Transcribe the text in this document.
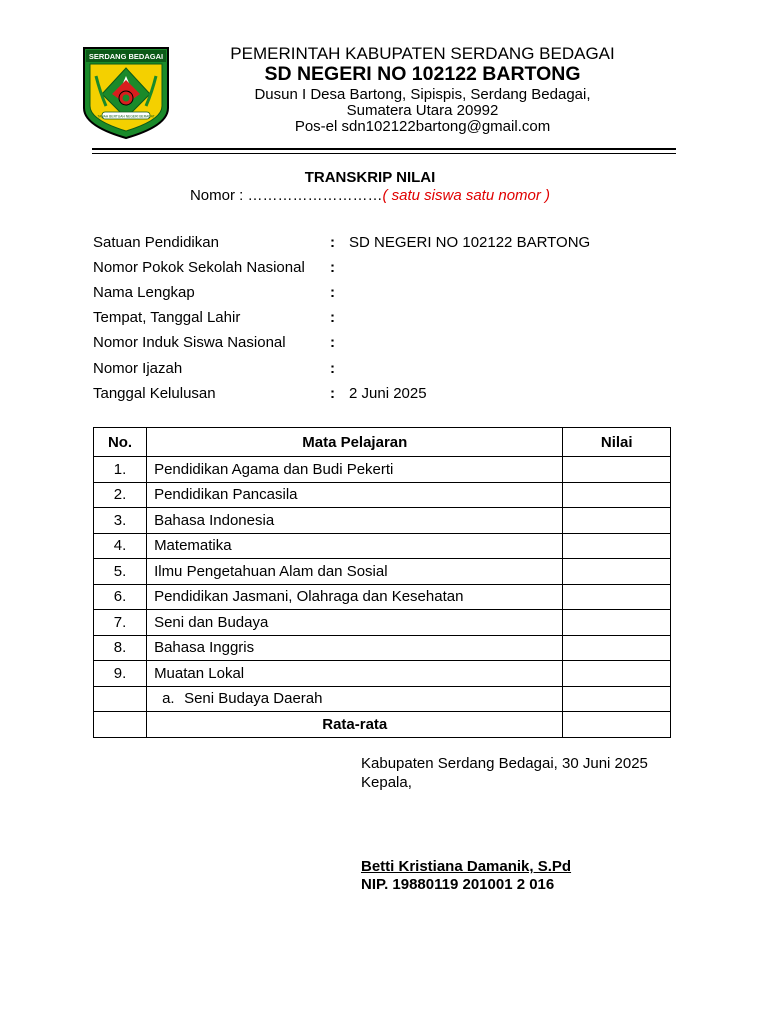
SERDANG BEDAGAI
TANAH BERTUAH NEGERI BERADAT
PEMERINTAH KABUPATEN SERDANG BEDAGAI
SD NEGERI NO 102122 BARTONG
Dusun I Desa Bartong, Sipispis, Serdang Bedagai,
Sumatera Utara 20992
Pos-el sdn102122bartong@gmail.com
TRANSKRIP NILAI
Nomor : ………………………( satu siswa satu nomor )
Satuan Pendidikan	: SD NEGERI NO 102122 BARTONG
Nomor Pokok Sekolah Nasional	:
Nama Lengkap	:
Tempat, Tanggal Lahir	:
Nomor Induk Siswa Nasional	:
Nomor Ijazah	:
Tanggal Kelulusan	: 2 Juni 2025
No.	Mata Pelajaran	Nilai
1.	Pendidikan Agama dan Budi Pekerti	
2.	Pendidikan Pancasila	
3.	Bahasa Indonesia	
4.	Matematika	
5.	Ilmu Pengetahuan Alam dan Sosial	
6.	Pendidikan Jasmani, Olahraga dan Kesehatan	
7.	Seni dan Budaya	
8.	Bahasa Inggris	
9.	Muatan Lokal	
	a. Seni Budaya Daerah	
	Rata-rata	
Kabupaten Serdang Bedagai, 30 Juni 2025
Kepala,
Betti Kristiana Damanik, S.Pd
NIP. 19880119 201001 2 016
